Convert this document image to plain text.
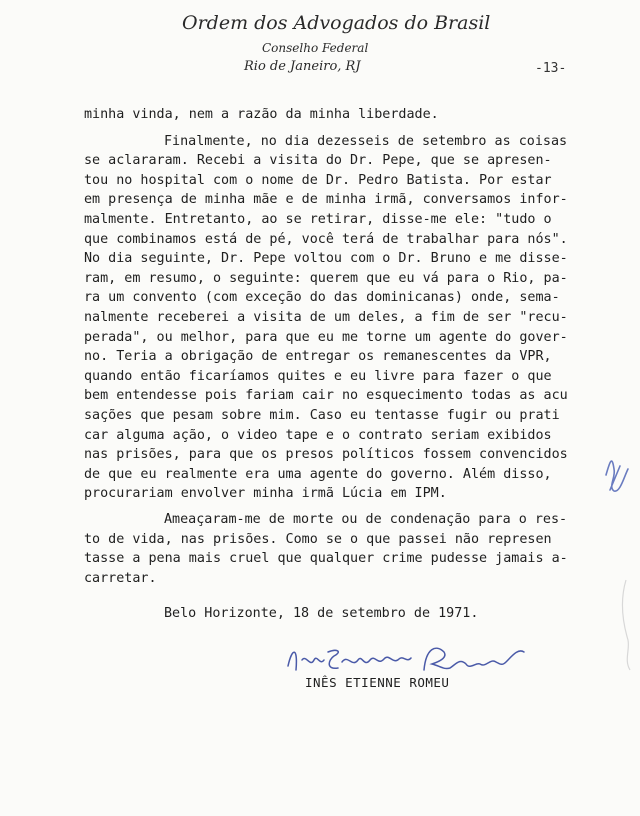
Ordem dos Advogados do Brasil
Conselho Federal
Rio de Janeiro, RJ	-13-
minha vinda, nem a razão da minha liberdade.
Finalmente, no dia dezesseis de setembro as coisas
se aclararam. Recebi a visita do Dr. Pepe, que se apresen-
tou no hospital com o nome de Dr. Pedro Batista. Por estar
em presença de minha mãe e de minha irmã, conversamos infor-
malmente. Entretanto, ao se retirar, disse-me ele: "tudo o
que combinamos está de pé, você terá de trabalhar para nós".
No dia seguinte, Dr. Pepe voltou com o Dr. Bruno e me disse-
ram, em resumo, o seguinte: querem que eu vá para o Rio, pa-
ra um convento (com exceção do das dominicanas) onde, sema-
nalmente receberei a visita de um deles, a fim de ser "recu-
perada", ou melhor, para que eu me torne um agente do gover-
no. Teria a obrigação de entregar os remanescentes da VPR,
quando então ficaríamos quites e eu livre para fazer o que
bem entendesse pois fariam cair no esquecimento todas as acu
sações que pesam sobre mim. Caso eu tentasse fugir ou prati
car alguma ação, o video tape e o contrato seriam exibidos
nas prisões, para que os presos políticos fossem convencidos
de que eu realmente era uma agente do governo. Além disso,
procurariam envolver minha irmã Lúcia em IPM.
Ameaçaram-me de morte ou de condenação para o res-
to de vida, nas prisões. Como se o que passei não represen
tasse a pena mais cruel que qualquer crime pudesse jamais a-
carretar.
Belo Horizonte, 18 de setembro de 1971.
INÊS ETIENNE ROMEU
